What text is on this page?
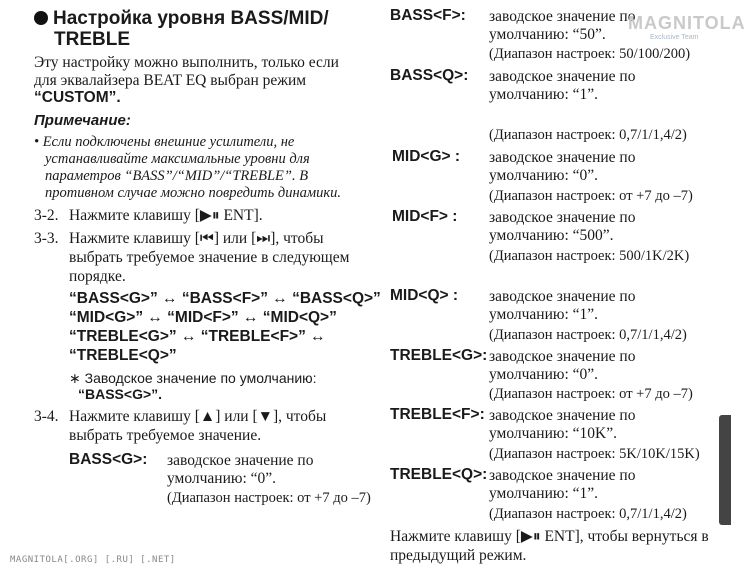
Настройка уровня BASS/MID/
TREBLE
Эту настройку можно выполнить, только если
для эквалайзера BEAT EQ выбран режим
“CUSTOM”.
Примечание:
• Если подключены внешние усилители, не
устанавливайте максимальные уровни для
параметров “BASS”/“MID”/“TREBLE”. В
противном случае можно повредить динамики.
3-2. Нажмите клавишу [▶⏸ ENT].
3-3. Нажмите клавишу [⏮] или [⏭], чтобы
выбрать требуемое значение в следующем
порядке.
“BASS<G>” ↔ “BASS<F>” ↔ “BASS<Q>”
“MID<G>” ↔ “MID<F>” ↔ “MID<Q>”
“TREBLE<G>” ↔ “TREBLE<F>” ↔
“TREBLE<Q>”
∗ Заводское значение по умолчанию:
“BASS<G>”.
3-4. Нажмите клавишу [▲] или [▼], чтобы
выбрать требуемое значение.
BASS<G>: заводское значение по
умолчанию: “0”.
(Диапазон настроек: от +7 до –7)
BASS<F>: заводское значение по
умолчанию: “50”.
(Диапазон настроек: 50/100/200)
BASS<Q>: заводское значение по
умолчанию: “1”.
(Диапазон настроек: 0,7/1/1,4/2)
MID<G> : заводское значение по
умолчанию: “0”.
(Диапазон настроек: от +7 до –7)
MID<F> : заводское значение по
умолчанию: “500”.
(Диапазон настроек: 500/1K/2K)
MID<Q> : заводское значение по
умолчанию: “1”.
(Диапазон настроек: 0,7/1/1,4/2)
TREBLE<G>: заводское значение по
умолчанию: “0”.
(Диапазон настроек: от +7 до –7)
TREBLE<F>: заводское значение по
умолчанию: “10K”.
(Диапазон настроек: 5K/10K/15K)
TREBLE<Q>: заводское значение по
умолчанию: “1”.
(Диапазон настроек: 0,7/1/1,4/2)
Нажмите клавишу [▶⏸ ENT], чтобы вернуться в
предыдущий режим.
MAGNITOLA
Exclusive Team
MAGNITOLA[.ORG] [.RU] [.NET]
